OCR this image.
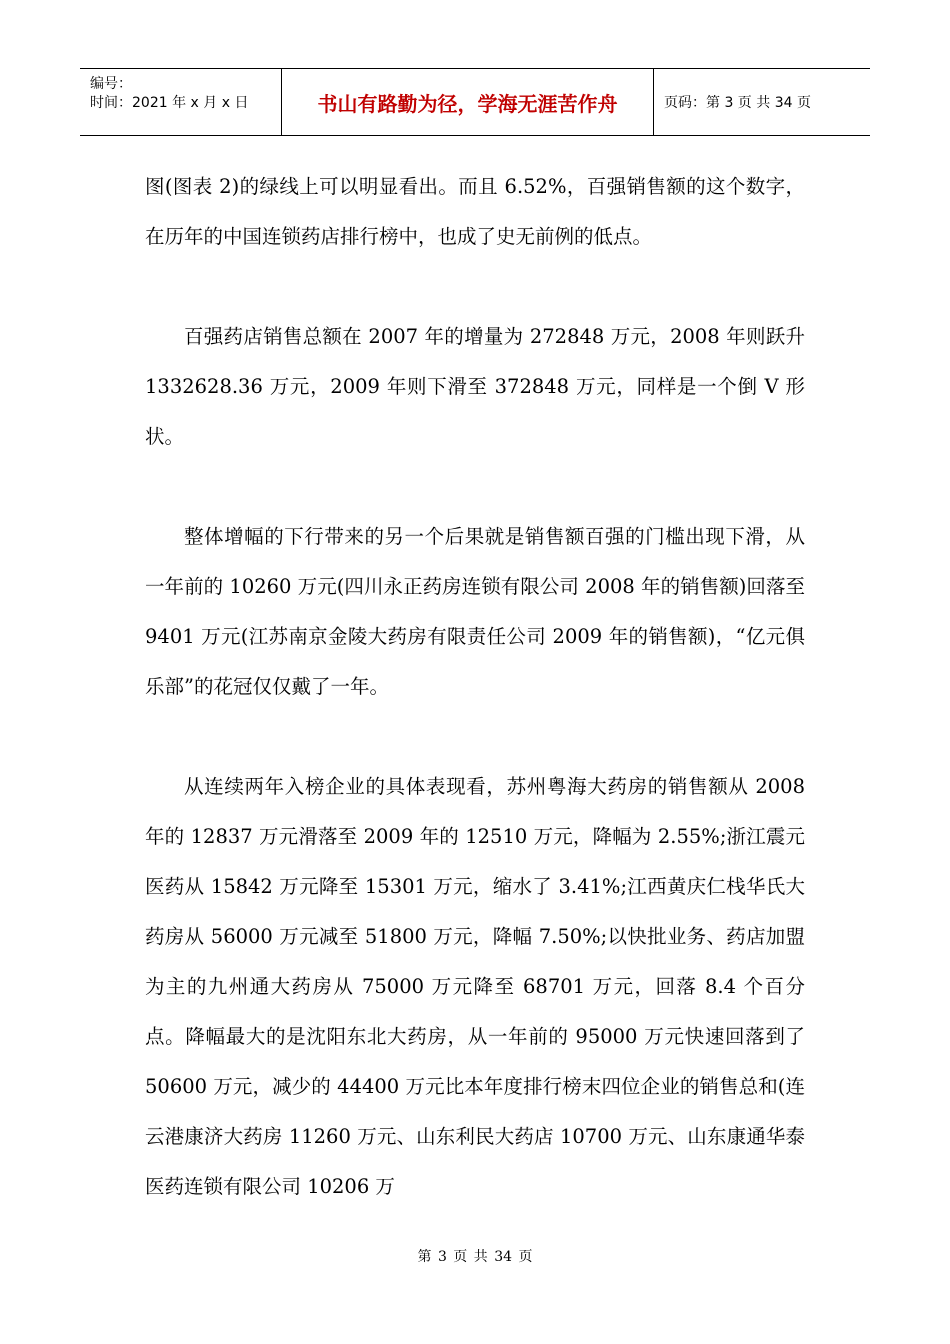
编号：
时间：2021 年 x 月 x 日	书山有路勤为径，学海无涯苦作舟	页码：第 3 页 共 34 页

图(图表 2)的绿线上可以明显看出。而且 6.52%，百强销售额的这个数字，在历年的中国连锁药店排行榜中，也成了史无前例的低点。

百强药店销售总额在 2007 年的增量为 272848 万元，2008 年则跃升 1332628.36 万元，2009 年则下滑至 372848 万元，同样是一个倒 V 形状。

整体增幅的下行带来的另一个后果就是销售额百强的门槛出现下滑，从一年前的 10260 万元(四川永正药房连锁有限公司 2008 年的销售额)回落至 9401 万元(江苏南京金陵大药房有限责任公司 2009 年的销售额)，“亿元俱乐部”的花冠仅仅戴了一年。

从连续两年入榜企业的具体表现看，苏州粤海大药房的销售额从 2008 年的 12837 万元滑落至 2009 年的 12510 万元，降幅为 2.55%;浙江震元医药从 15842 万元降至 15301 万元，缩水了 3.41%;江西黄庆仁栈华氏大药房从 56000 万元减至 51800 万元，降幅 7.50%;以快批业务、药店加盟为主的九州通大药房从 75000 万元降至 68701 万元，回落 8.4 个百分点。降幅最大的是沈阳东北大药房，从一年前的 95000 万元快速回落到了 50600 万元，减少的 44400 万元比本年度排行榜末四位企业的销售总和(连云港康济大药房 11260 万元、山东利民大药店 10700 万元、山东康通华泰医药连锁有限公司 10206 万

第 3 页 共 34 页
